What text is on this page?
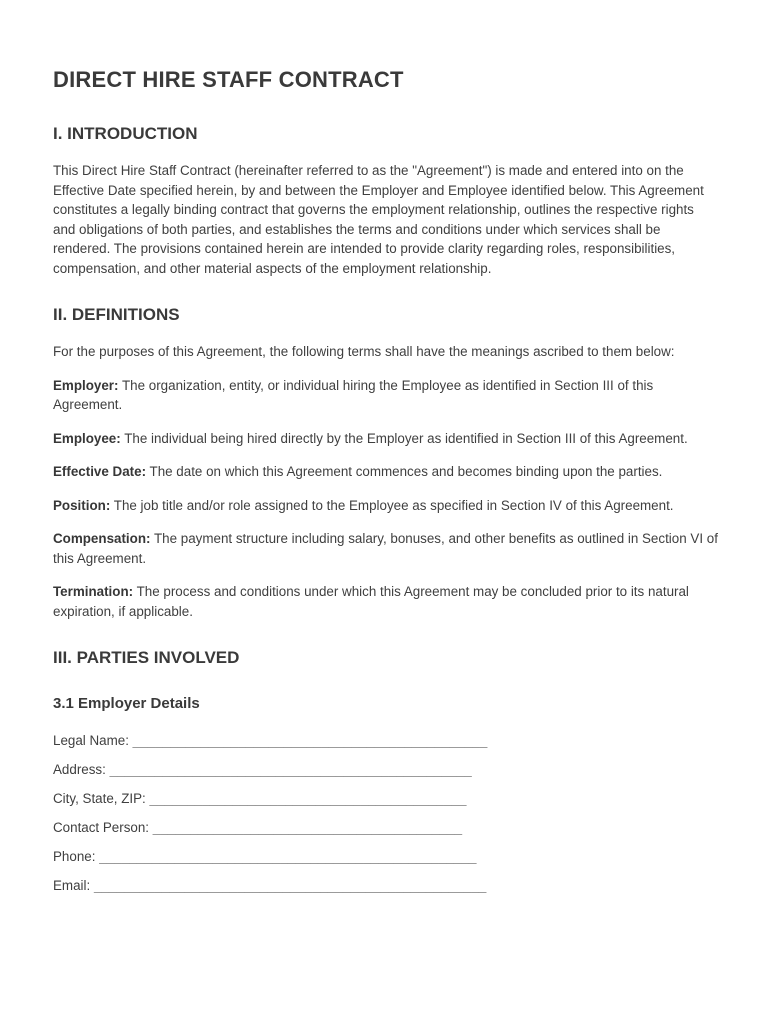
DIRECT HIRE STAFF CONTRACT
I. INTRODUCTION

This Direct Hire Staff Contract (hereinafter referred to as the "Agreement") is made and entered into on the Effective Date specified herein, by and between the Employer and Employee identified below. This Agreement constitutes a legally binding contract that governs the employment relationship, outlines the respective rights and obligations of both parties, and establishes the terms and conditions under which services shall be rendered. The provisions contained herein are intended to provide clarity regarding roles, responsibilities, compensation, and other material aspects of the employment relationship.

II. DEFINITIONS

For the purposes of this Agreement, the following terms shall have the meanings ascribed to them below:

Employer: The organization, entity, or individual hiring the Employee as identified in Section III of this Agreement.

Employee: The individual being hired directly by the Employer as identified in Section III of this Agreement.

Effective Date: The date on which this Agreement commences and becomes binding upon the parties.

Position: The job title and/or role assigned to the Employee as specified in Section IV of this Agreement.

Compensation: The payment structure including salary, bonuses, and other benefits as outlined in Section VI of this Agreement.

Termination: The process and conditions under which this Agreement may be concluded prior to its natural expiration, if applicable.

III. PARTIES INVOLVED
3.1 Employer Details

Legal Name: _______________________________________________

Address: ________________________________________________

City, State, ZIP: __________________________________________

Contact Person: _________________________________________

Phone: __________________________________________________

Email: ____________________________________________________
